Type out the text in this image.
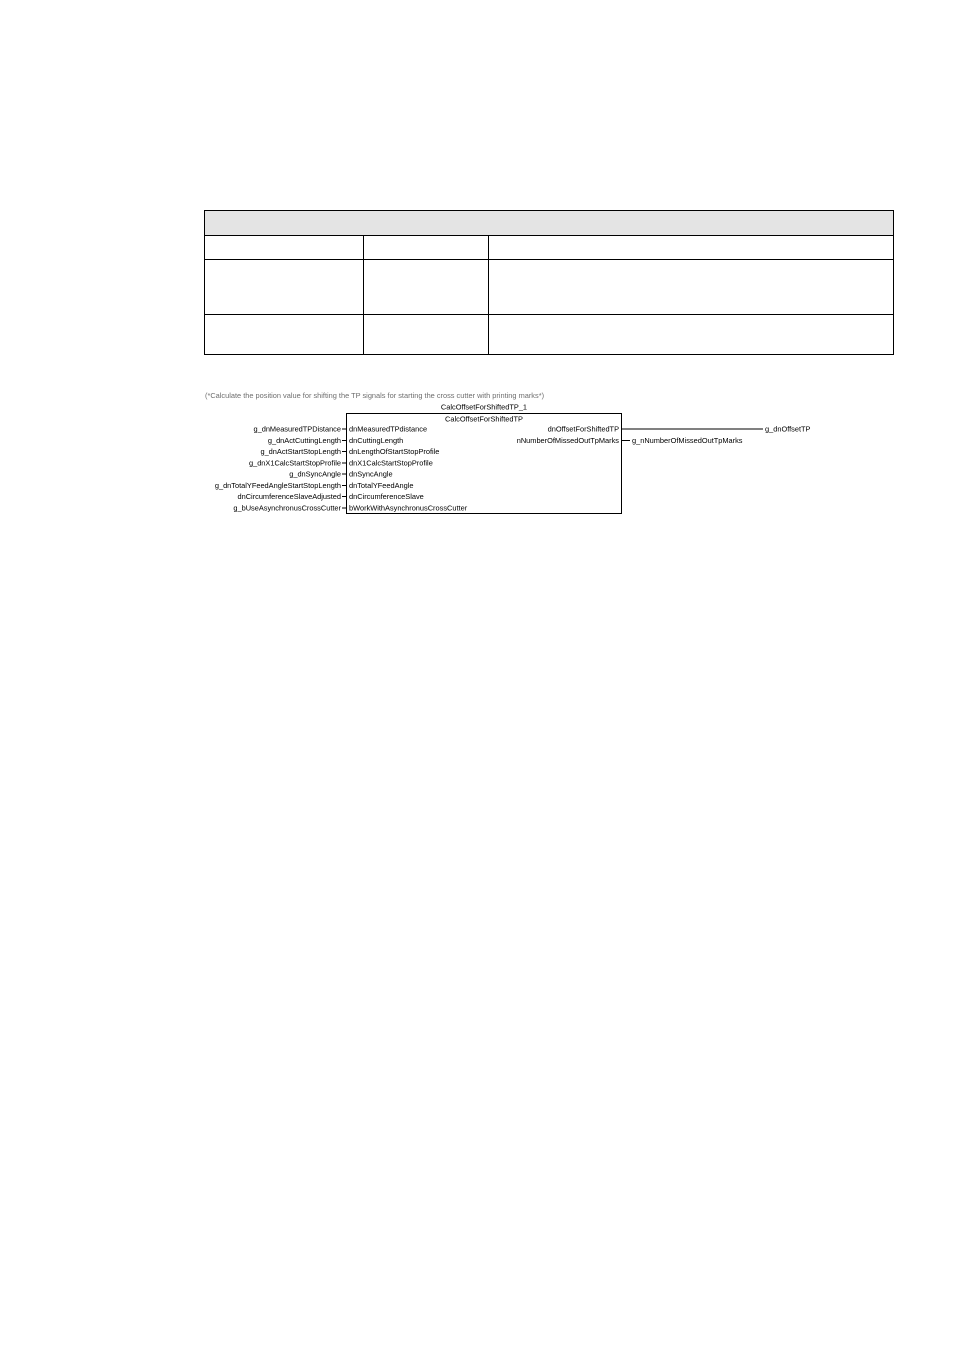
(*Calculate the position value for shifting the TP signals for starting the cross cutter with printing marks*)
CalcOffsetForShiftedTP_1
CalcOffsetForShiftedTP
g_dnMeasuredTPDistance dnMeasuredTPdistance
g_dnActCuttingLength dnCuttingLength
g_dnActStartStopLength dnLengthOfStartStopProfile
g_dnX1CalcStartStopProfile dnX1CalcStartStopProfile
g_dnSyncAngle dnSyncAngle
g_dnTotalYFeedAngleStartStopLength dnTotalYFeedAngle
dnCircumferenceSlaveAdjusted dnCircumferenceSlave
g_bUseAsynchronusCrossCutter bWorkWithAsynchronusCrossCutter
dnOffsetForShiftedTP	g_dnOffsetTP
nNumberOfMissedOutTpMarks g_nNumberOfMissedOutTpMarks
